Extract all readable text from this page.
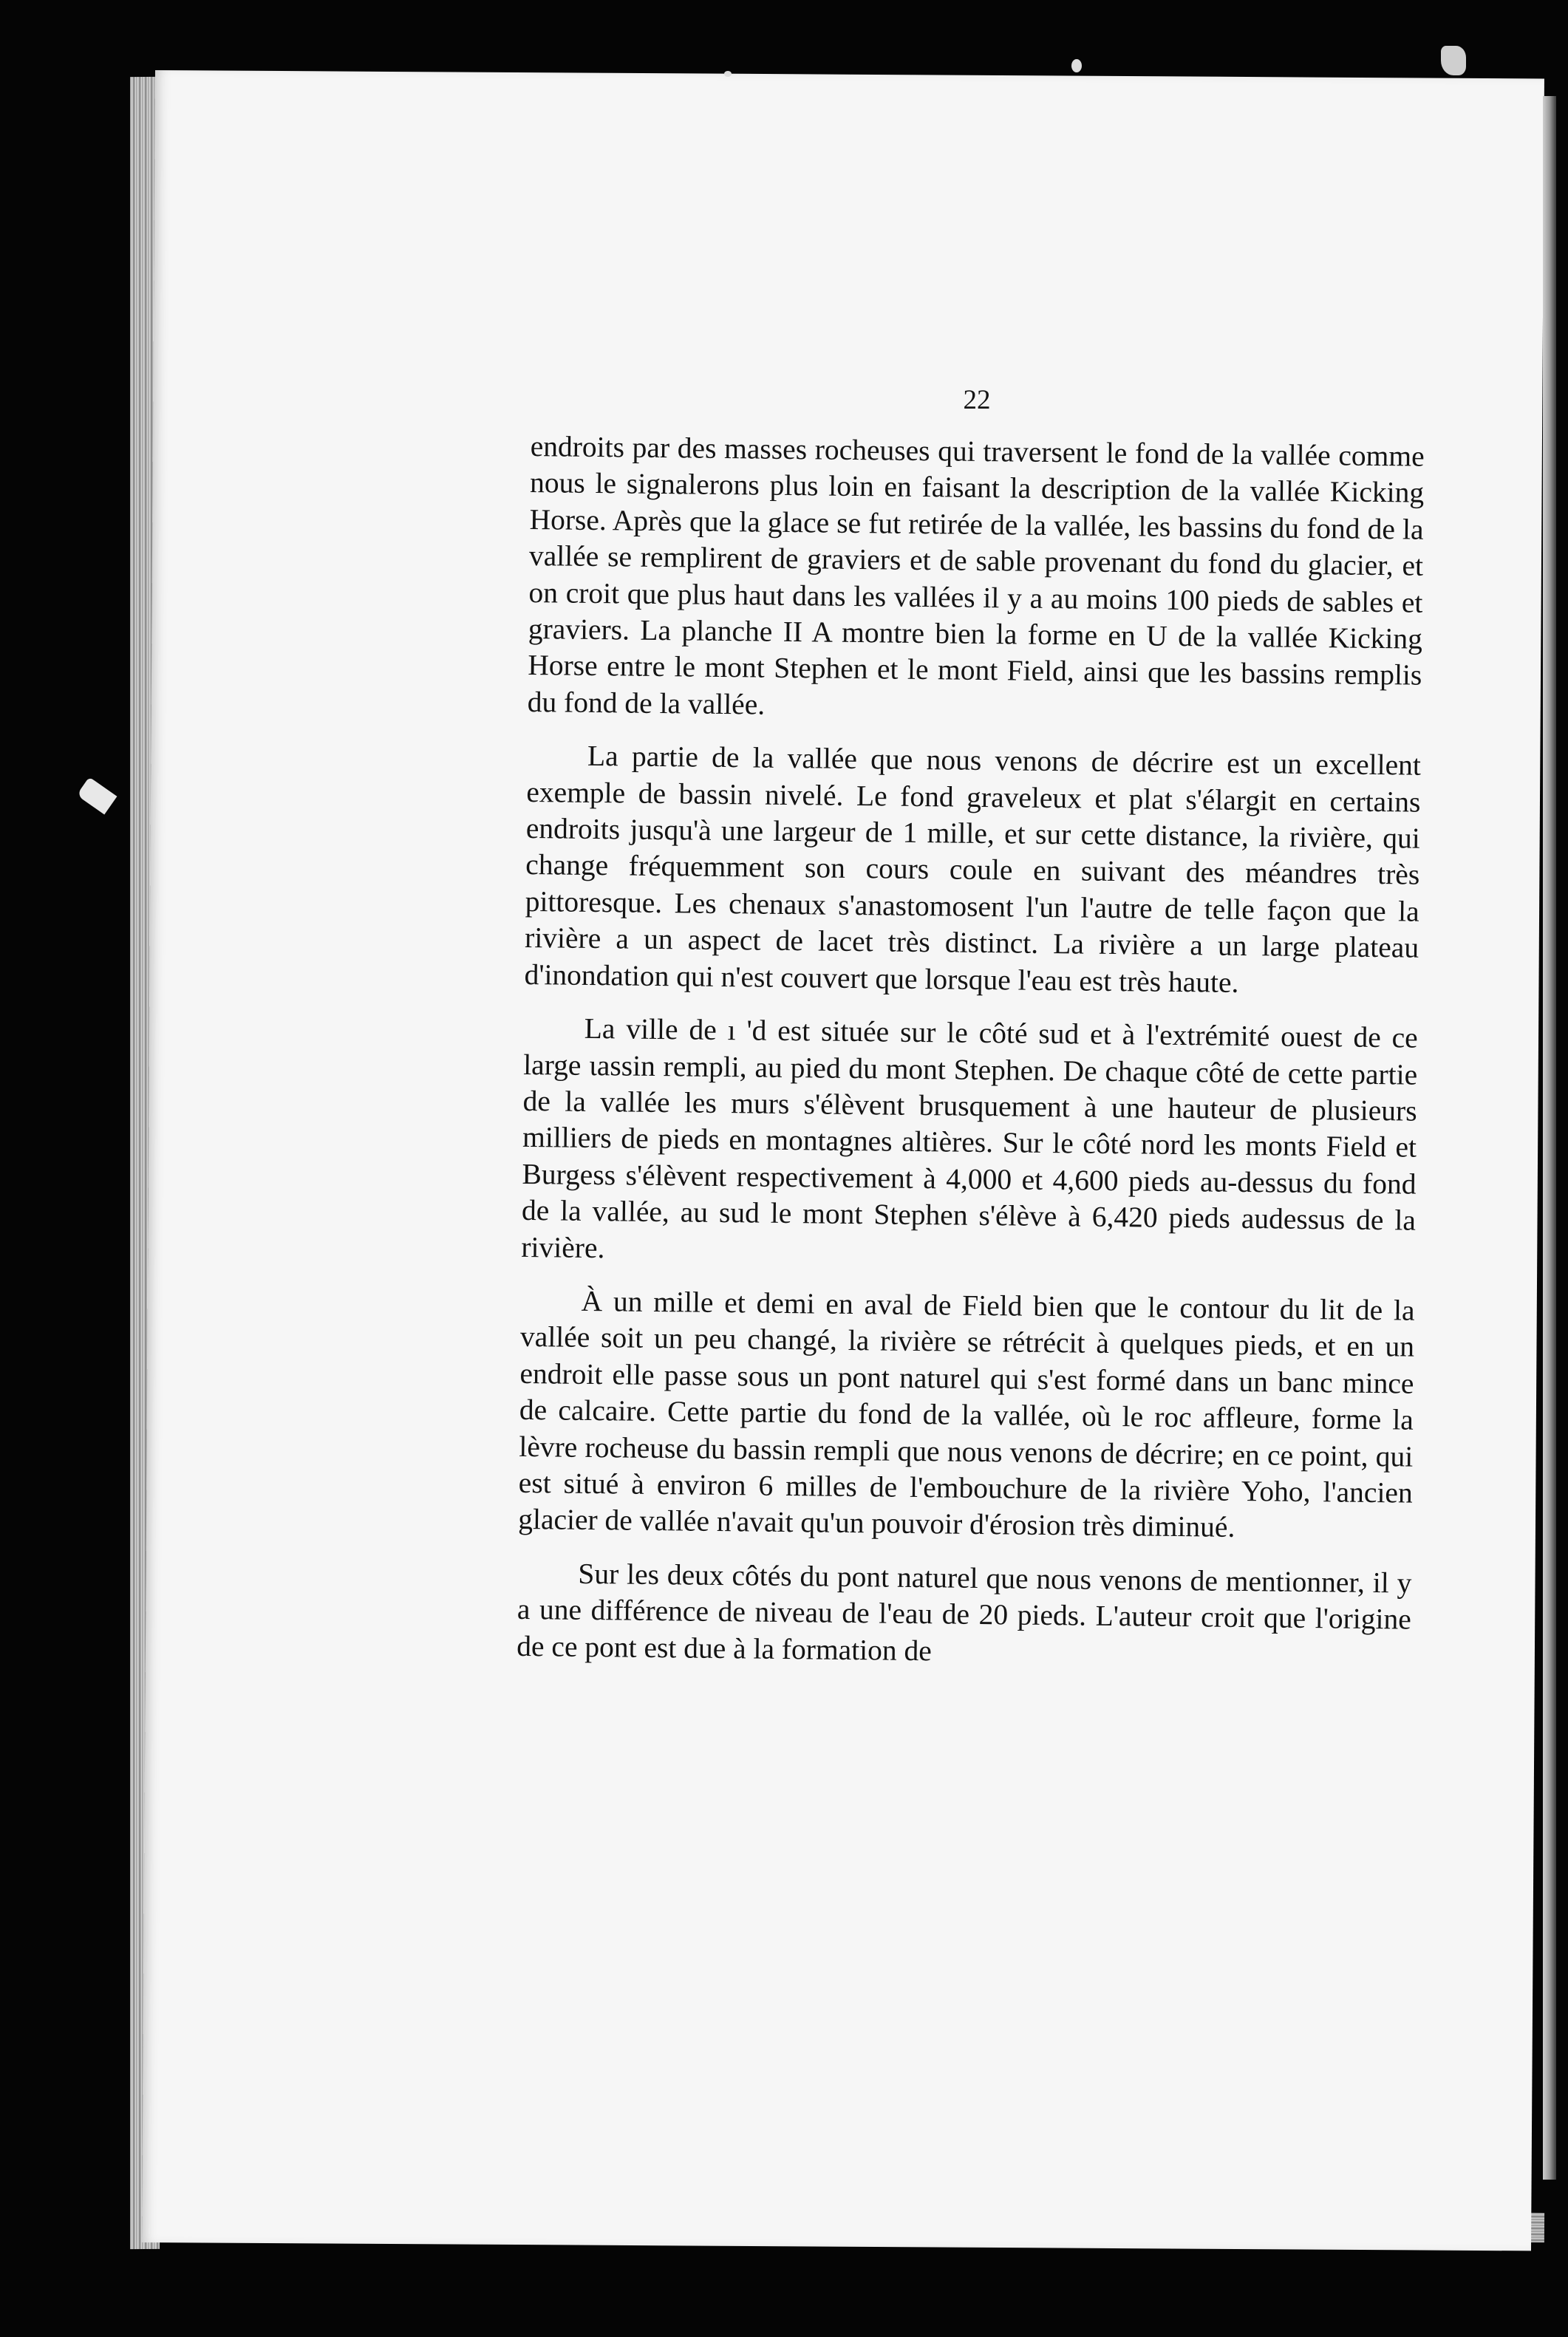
22

endroits par des masses rocheuses qui traversent le fond de la vallée comme nous le signalerons plus loin en faisant la description de la vallée Kicking Horse. Après que la glace se fut retirée de la vallée, les bassins du fond de la vallée se remplirent de graviers et de sable provenant du fond du glacier, et on croit que plus haut dans les vallées il y a au moins 100 pieds de sables et graviers. La planche II A montre bien la forme en U de la vallée Kicking Horse entre le mont Stephen et le mont Field, ainsi que les bassins remplis du fond de la vallée.

La partie de la vallée que nous venons de décrire est un excellent exemple de bassin nivelé. Le fond graveleux et plat s'élargit en certains endroits jusqu'à une largeur de 1 mille, et sur cette distance, la rivière, qui change fréquemment son cours coule en suivant des méandres très pittoresque. Les chenaux s'anastomosent l'un l'autre de telle façon que la rivière a un aspect de lacet très distinct. La rivière a un large plateau d'inondation qui n'est couvert que lorsque l'eau est très haute.

La ville de ı 'd est située sur le côté sud et à l'extrémité ouest de ce large ɩassin rempli, au pied du mont Stephen. De chaque côté de cette partie de la vallée les murs s'élèvent brusquement à une hauteur de plusieurs milliers de pieds en montagnes altières. Sur le côté nord les monts Field et Burgess s'élèvent respectivement à 4,000 et 4,600 pieds au-dessus du fond de la vallée, au sud le mont Stephen s'élève à 6,420 pieds audessus de la rivière.

À un mille et demi en aval de Field bien que le contour du lit de la vallée soit un peu changé, la rivière se rétrécit à quelques pieds, et en un endroit elle passe sous un pont naturel qui s'est formé dans un banc mince de calcaire. Cette partie du fond de la vallée, où le roc affleure, forme la lèvre rocheuse du bassin rempli que nous venons de décrire; en ce point, qui est situé à environ 6 milles de l'embouchure de la rivière Yoho, l'ancien glacier de vallée n'avait qu'un pouvoir d'érosion très diminué.

Sur les deux côtés du pont naturel que nous venons de mentionner, il y a une différence de niveau de l'eau de 20 pieds. L'auteur croit que l'origine de ce pont est due à la formation de
